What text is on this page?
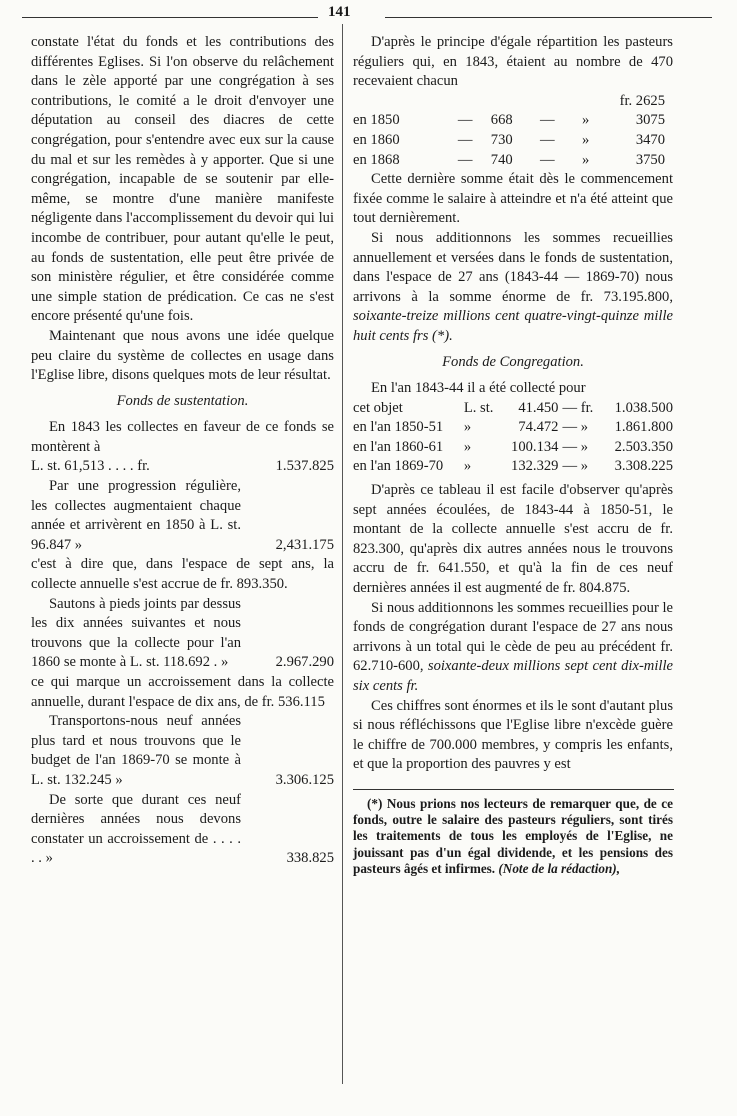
141

constate l'état du fonds et les contributions des différentes Eglises. Si l'on observe du relâchement dans le zèle apporté par une congrégation à ses contributions, le comité a le droit d'envoyer une députation au conseil des diacres de cette congrégation, pour s'entendre avec eux sur la cause du mal et sur les remèdes à y apporter. Que si une congrégation, incapable de se soutenir par elle-même, se montre d'une manière manifeste négligente dans l'accomplissement du devoir qui lui incombe de contribuer, pour autant qu'elle le peut, au fonds de sustentation, elle peut être privée de son ministère régulier, et être considérée comme une simple station de prédication. Ce cas ne s'est encore présenté qu'une fois.

Maintenant que nous avons une idée quelque peu claire du système de collectes en usage dans l'Eglise libre, disons quelques mots de leur résultat.

Fonds de sustentation.

En 1843 les collectes en faveur de ce fonds se montèrent à

L. st. 61,513 . . . . fr.	1.537.825
Par une progression régulière, les collectes augmentaient chaque année et arrivèrent en 1850 à L. st. 96.847 »	2,431.175

c'est à dire que, dans l'espace de sept ans, la collecte annuelle s'est accrue de fr. 893.350.

Sautons à pieds joints par dessus les dix années suivantes et nous trouvons que la collecte pour l'an 1860 se monte à L. st. 118.692 . »	2.967.290

ce qui marque un accroissement dans la collecte annuelle, durant l'espace de dix ans, de fr. 536.115

Transportons-nous neuf années plus tard et nous trouvons que le budget de l'an 1869-70 se monte à L. st. 132.245 »	3.306.125
De sorte que durant ces neuf dernières années nous devons constater un accroissement de . . . . . . »	338.825

D'après le principe d'égale répartition les pasteurs réguliers qui, en 1843, étaient au nombre de 470 recevaient chacun

fr. 2625
en 1850	—	668	—	»	3075
en 1860	—	730	—	»	3470
en 1868	—	740	—	»	3750

Cette dernière somme était dès le commencement fixée comme le salaire à atteindre et n'a été atteint que tout dernièrement.

Si nous additionnons les sommes recueillies annuellement et versées dans le fonds de sustentation, dans l'espace de 27 ans (1843-44 — 1869-70) nous arrivons à la somme énorme de fr. 73.195.800, soixante-treize millions cent quatre-vingt-quinze mille huit cents frs (*).

Fonds de Congregation.

En l'an 1843-44 il a été collecté pour

cet objet	L. st.	41.450	— fr.	1.038.500
en l'an 1850-51	»	74.472	— »	1.861.800
en l'an 1860-61	»	100.134	— »	2.503.350
en l'an 1869-70	»	132.329	— »	3.308.225

D'après ce tableau il est facile d'observer qu'après sept années écoulées, de 1843-44 à 1850-51, le montant de la collecte annuelle s'est accru de fr. 823.300, qu'après dix autres années nous le trouvons accru de fr. 641.550, et qu'à la fin de ces neuf dernières années il est augmenté de fr. 804.875.

Si nous additionnons les sommes recueillies pour le fonds de congrégation durant l'espace de 27 ans nous arrivons à un total qui le cède de peu au précédent fr. 62.710-600, soixante-deux millions sept cent dix-mille six cents fr.

Ces chiffres sont énormes et ils le sont d'autant plus si nous réfléchissons que l'Eglise libre n'excède guère le chiffre de 700.000 membres, y compris les enfants, et que la proportion des pauvres y est

(*) Nous prions nos lecteurs de remarquer que, de ce fonds, outre le salaire des pasteurs réguliers, sont tirés les traitements de tous les employés de l'Eglise, ne jouissant pas d'un égal dividende, et les pensions des pasteurs âgés et infirmes. (Note de la rédaction),
